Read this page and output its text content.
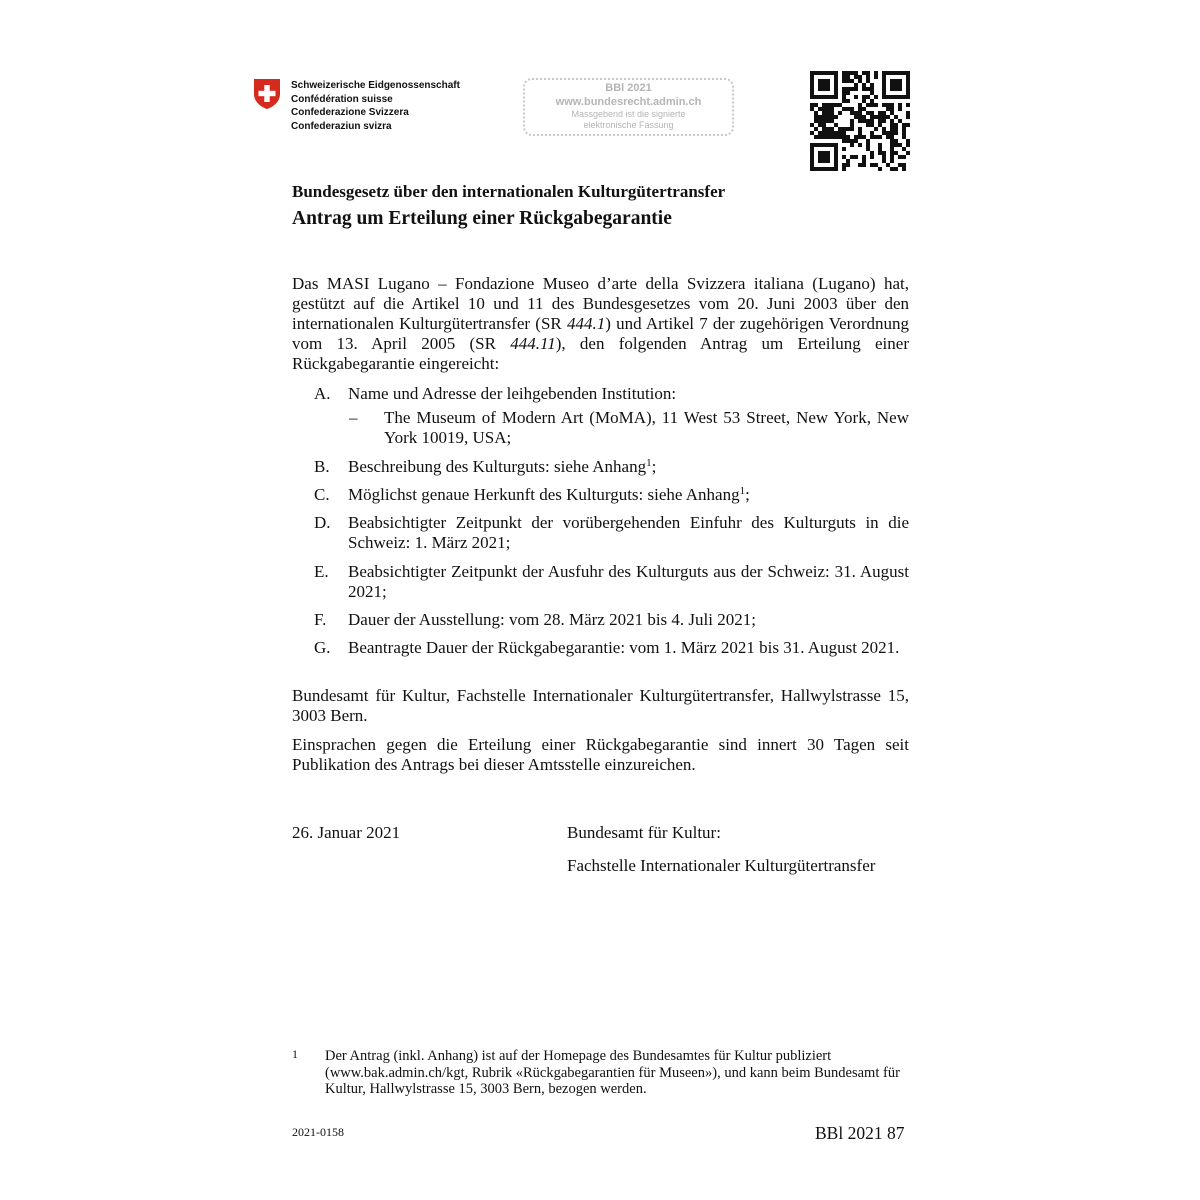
Schweizerische Eidgenossenschaft
Confédération suisse
Confederazione Svizzera
Confederaziun svizra
BBl 2021
www.bundesrecht.admin.ch
Massgebend ist die signierte
elektronische Fassung
Bundesgesetz über den internationalen Kulturgütertransfer
Antrag um Erteilung einer Rückgabegarantie
Das MASI Lugano – Fondazione Museo d’arte della Svizzera italiana (Lugano) hat, gestützt auf die Artikel 10 und 11 des Bundesgesetzes vom 20. Juni 2003 über den internationalen Kulturgütertransfer (SR 444.1) und Artikel 7 der zugehörigen Verordnung vom 13. April 2005 (SR 444.11), den folgenden Antrag um Erteilung einer Rückgabegarantie eingereicht:
A. Name und Adresse der leihgebenden Institution:
– The Museum of Modern Art (MoMA), 11 West 53 Street, New York, New York 10019, USA;
B. Beschreibung des Kulturguts: siehe Anhang$^1$;
C. Möglichst genaue Herkunft des Kulturguts: siehe Anhang$^1$;
D. Beabsichtigter Zeitpunkt der vorübergehenden Einfuhr des Kulturguts in die Schweiz: 1. März 2021;
E. Beabsichtigter Zeitpunkt der Ausfuhr des Kulturguts aus der Schweiz: 31. August 2021;
F. Dauer der Ausstellung: vom 28. März 2021 bis 4. Juli 2021;
G. Beantragte Dauer der Rückgabegarantie: vom 1. März 2021 bis 31. August 2021.
Bundesamt für Kultur, Fachstelle Internationaler Kulturgütertransfer, Hallwylstrasse 15, 3003 Bern.
Einsprachen gegen die Erteilung einer Rückgabegarantie sind innert 30 Tagen seit Publikation des Antrags bei dieser Amtsstelle einzureichen.
26. Januar 2021	Bundesamt für Kultur:
Fachstelle Internationaler Kulturgütertransfer
1 Der Antrag (inkl. Anhang) ist auf der Homepage des Bundesamtes für Kultur publiziert (www.bak.admin.ch/kgt, Rubrik «Rückgabegarantien für Museen»), und kann beim Bundesamt für Kultur, Hallwylstrasse 15, 3003 Bern, bezogen werden.
2021-0158	BBl 2021 87
